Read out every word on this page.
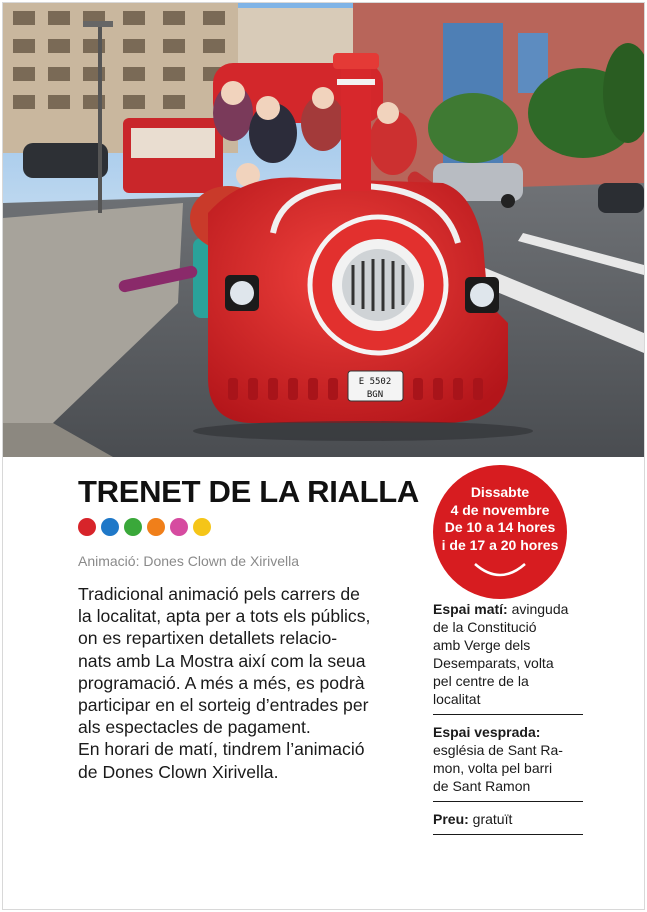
E 5502
BGN
TRENET DE LA RIALLA
Animació: Dones Clown de Xirivella

Tradicional animació pels carrers de
la localitat, apta per a tots els públics,
on es repartixen detallets relacio-
nats amb La Mostra així com la seua
programació. A més a més, es podrà
participar en el sorteig d’entrades per
als espectacles de pagament.

En horari de matí, tindrem l’animació
de Dones Clown Xirivella.

Dissabte
4 de novembre
De 10 a 14 hores
i de 17 a 20 hores
Espai matí: avinguda
de la Constitució
amb Verge dels
Desemparats, volta
pel centre de la
localitat
Espai vesprada:
església de Sant Ra-
mon, volta pel barri
de Sant Ramon
Preu: gratuït
